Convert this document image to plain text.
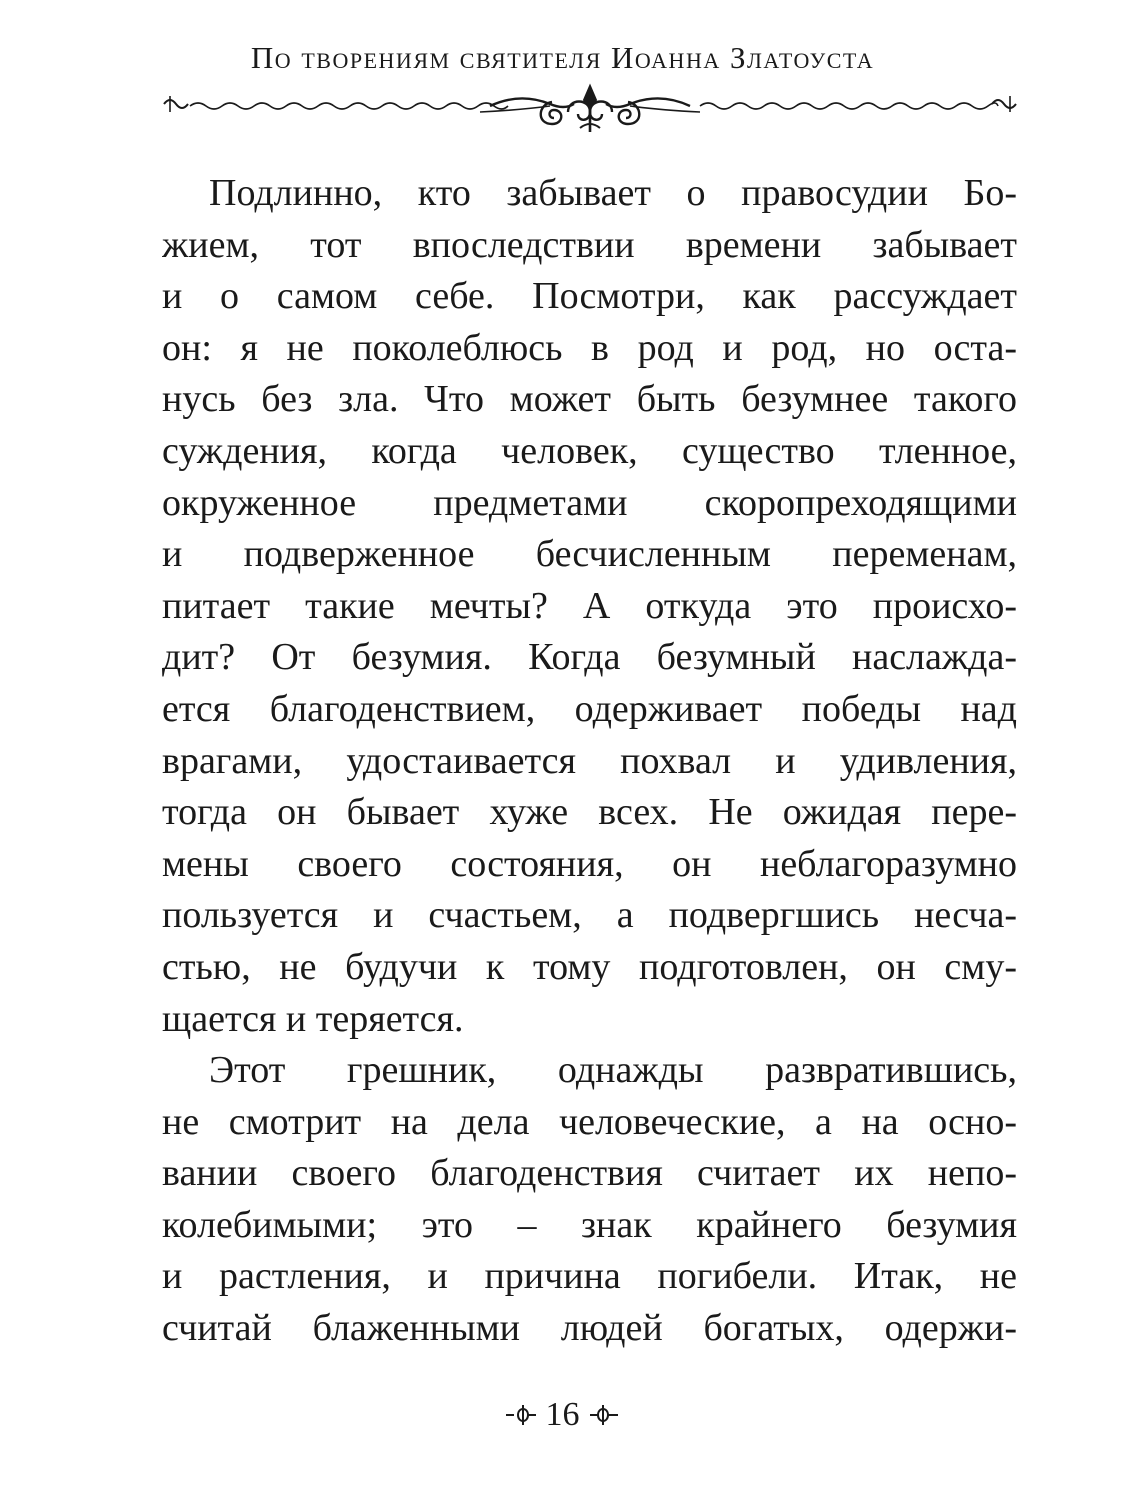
По творениям святителя Иоанна Златоуста
Подлинно, кто забывает о правосудии Бо-
жием, тот впоследствии времени забывает
и о самом себе. Посмотри, как рассуждает
он: я не поколеблюсь в род и род, но оста-
нусь без зла. Что может быть безумнее такого
суждения, когда человек, существо тленное,
окруженное предметами скоропреходящими
и подверженное бесчисленным переменам,
питает такие мечты? А откуда это происхо-
дит? От безумия. Когда безумный наслажда-
ется благоденствием, одерживает победы над
врагами, удостаивается похвал и удивления,
тогда он бывает хуже всех. Не ожидая пере-
мены своего состояния, он неблагоразумно
пользуется и счастьем, а подвергшись несча-
стью, не будучи к тому подготовлен, он сму-
щается и теряется.
Этот грешник, однажды развратившись,
не смотрит на дела человеческие, а на осно-
вании своего благоденствия считает их непо-
колебимыми; это – знак крайнего безумия
и растления, и причина погибели. Итак, не
считай блаженными людей богатых, одержи-
16
